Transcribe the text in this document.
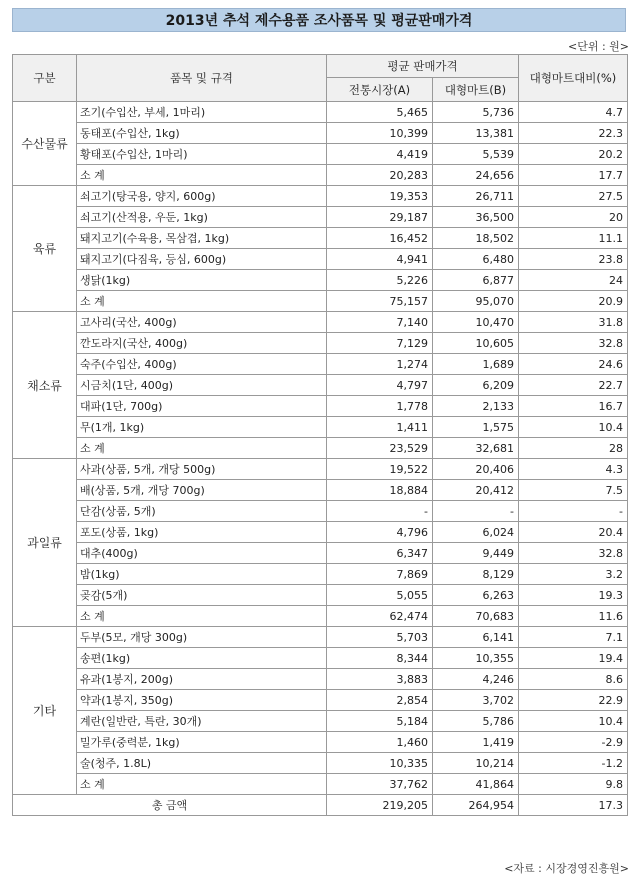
2013년 추석 제수용품 조사품목 및 평균판매가격
<단위 : 원>
구분	품목 및 규격	평균 판매가격		대형마트대비(%)
		전통시장(A)	대형마트(B)	
수산물류	조기(수입산, 부세, 1마리)	5,465	5,736	4.7
	동태포(수입산, 1kg)	10,399	13,381	22.3
	황태포(수입산, 1마리)	4,419	5,539	20.2
	소 계	20,283	24,656	17.7
육류	쇠고기(탕국용, 양지, 600g)	19,353	26,711	27.5
	쇠고기(산적용, 우둔, 1kg)	29,187	36,500	20
	돼지고기(수육용, 목삼겹, 1kg)	16,452	18,502	11.1
	돼지고기(다짐육, 등심, 600g)	4,941	6,480	23.8
	생닭(1kg)	5,226	6,877	24
	소 계	75,157	95,070	20.9
채소류	고사리(국산, 400g)	7,140	10,470	31.8
	깐도라지(국산, 400g)	7,129	10,605	32.8
	숙주(수입산, 400g)	1,274	1,689	24.6
	시금치(1단, 400g)	4,797	6,209	22.7
	대파(1단, 700g)	1,778	2,133	16.7
	무(1개, 1kg)	1,411	1,575	10.4
	소 계	23,529	32,681	28
과일류	사과(상품, 5개, 개당 500g)	19,522	20,406	4.3
	배(상품, 5개, 개당 700g)	18,884	20,412	7.5
	단감(상품, 5개)	-	-	-
	포도(상품, 1kg)	4,796	6,024	20.4
	대추(400g)	6,347	9,449	32.8
	밤(1kg)	7,869	8,129	3.2
	곶감(5개)	5,055	6,263	19.3
	소 계	62,474	70,683	11.6
기타	두부(5모, 개당 300g)	5,703	6,141	7.1
	송편(1kg)	8,344	10,355	19.4
	유과(1봉지, 200g)	3,883	4,246	8.6
	약과(1봉지, 350g)	2,854	3,702	22.9
	계란(일반란, 특란, 30개)	5,184	5,786	10.4
	밀가루(중력분, 1kg)	1,460	1,419	-2.9
	술(청주, 1.8L)	10,335	10,214	-1.2
	소 계	37,762	41,864	9.8
총 금액		219,205	264,954	17.3
<자료 : 시장경영진흥원>
